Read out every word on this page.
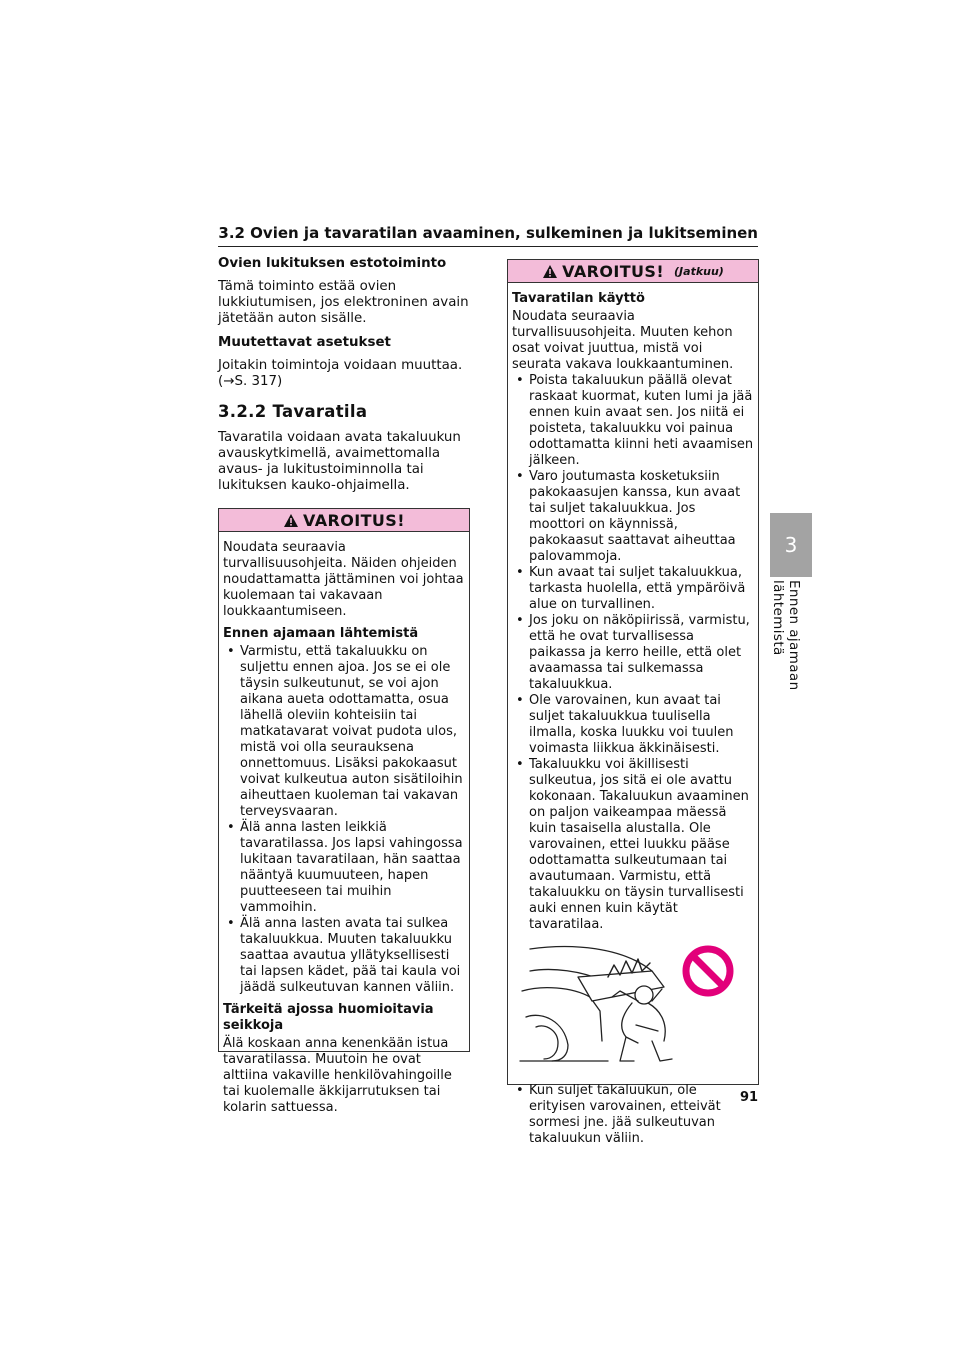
3.2 Ovien ja tavaratilan avaaminen, sulkeminen ja lukitseminen
Ovien lukituksen estotoiminto

Tämä toiminto estää ovien lukkiutumisen, jos elektroninen avain jätetään auton sisälle.

Muutettavat asetukset

Joitakin toimintoja voidaan muuttaa. (→S. 317)

3.2.2 Tavaratila

Tavaratila voidaan avata takaluukun avauskytkimellä, avaimettomalla avaus- ja lukitustoiminnolla tai lukituksen kauko-ohjaimella.

VAROITUS!

Noudata seuraavia turvallisuusohjeita. Näiden ohjeiden noudattamatta jättäminen voi johtaa kuolemaan tai vakavaan loukkaantumiseen.

Ennen ajamaan lähtemistä
• Varmistu, että takaluukku on suljettu ennen ajoa. Jos se ei ole täysin sulkeutunut, se voi ajon aikana aueta odottamatta, osua lähellä oleviin kohteisiin tai matkatavarat voivat pudota ulos, mistä voi olla seurauksena onnettomuus. Lisäksi pakokaasut voivat kulkeutua auton sisätiloihin aiheuttaen kuoleman tai vakavan terveysvaaran.
• Älä anna lasten leikkiä tavaratilassa. Jos lapsi vahingossa lukitaan tavaratilaan, hän saattaa nääntyä kuumuuteen, hapen puutteeseen tai muihin vammoihin.
• Älä anna lasten avata tai sulkea takaluukkua. Muuten takaluukku saattaa avautua yllätyksellisesti tai lapsen kädet, pää tai kaula voi jäädä sulkeutuvan kannen väliin.
Tärkeitä ajossa huomioitavia seikkoja

Älä koskaan anna kenenkään istua tavaratilassa. Muutoin he ovat alttiina vakaville henkilövahingoille tai kuolemalle äkkijarrutuksen tai kolarin sattuessa.

VAROITUS! (Jatkuu)
Tavaratilan käyttö

Noudata seuraavia turvallisuusohjeita. Muuten kehon osat voivat juuttua, mistä voi seurata vakava loukkaantuminen.

• Poista takaluukun päällä olevat raskaat kuormat, kuten lumi ja jää ennen kuin avaat sen. Jos niitä ei poisteta, takaluukku voi painua odottamatta kiinni heti avaamisen jälkeen.
• Varo joutumasta kosketuksiin pakokaasujen kanssa, kun avaat tai suljet takaluukkua. Jos moottori on käynnissä, pakokaasut saattavat aiheuttaa palovammoja.
• Kun avaat tai suljet takaluukkua, tarkasta huolella, että ympäröivä alue on turvallinen.
• Jos joku on näköpiirissä, varmistu, että he ovat turvallisessa paikassa ja kerro heille, että olet avaamassa tai sulkemassa takaluukkua.
• Ole varovainen, kun avaat tai suljet takaluukkua tuulisella ilmalla, koska luukku voi tuulen voimasta liikkua äkkinäisesti.
• Takaluukku voi äkillisesti sulkeutua, jos sitä ei ole avattu kokonaan. Takaluukun avaaminen on paljon vaikeampaa mäessä kuin tasaisella alustalla. Ole varovainen, ettei luukku pääse odottamatta sulkeutumaan tai avautumaan. Varmistu, että takaluukku on täysin turvallisesti auki ennen kuin käytät tavaratilaa.
• Kun suljet takaluukun, ole erityisen varovainen, etteivät sormesi jne. jää sulkeutuvan takaluukun väliin.
3
Ennen ajamaan lähtemistä
91
